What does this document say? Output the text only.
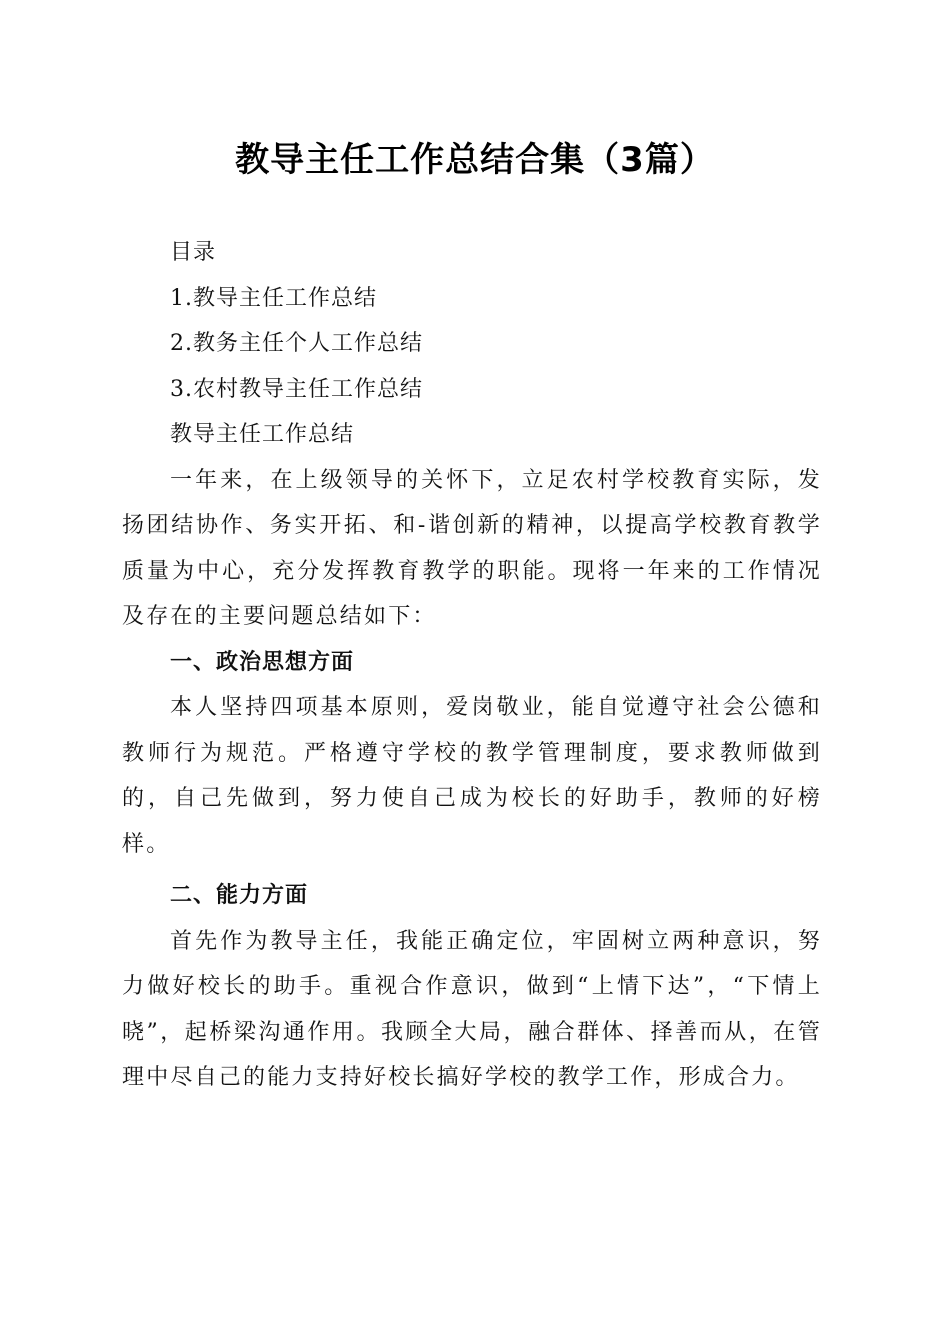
教导主任工作总结合集（3篇）
目录
1.教导主任工作总结
2.教务主任个人工作总结
3.农村教导主任工作总结
教导主任工作总结

一年来，在上级领导的关怀下，立足农村学校教育实际，发扬团结协作、务实开拓、和-谐创新的精神，以提高学校教育教学质量为中心，充分发挥教育教学的职能。现将一年来的工作情况及存在的主要问题总结如下：

一、政治思想方面

本人坚持四项基本原则，爱岗敬业，能自觉遵守社会公德和教师行为规范。严格遵守学校的教学管理制度，要求教师做到的，自己先做到，努力使自己成为校长的好助手，教师的好榜样。

二、能力方面

首先作为教导主任，我能正确定位，牢固树立两种意识，努力做好校长的助手。重视合作意识，做到“上情下达”，“下情上晓”，起桥梁沟通作用。我顾全大局，融合群体、择善而从，在管理中尽自己的能力支持好校长搞好学校的教学工作，形成合力。
